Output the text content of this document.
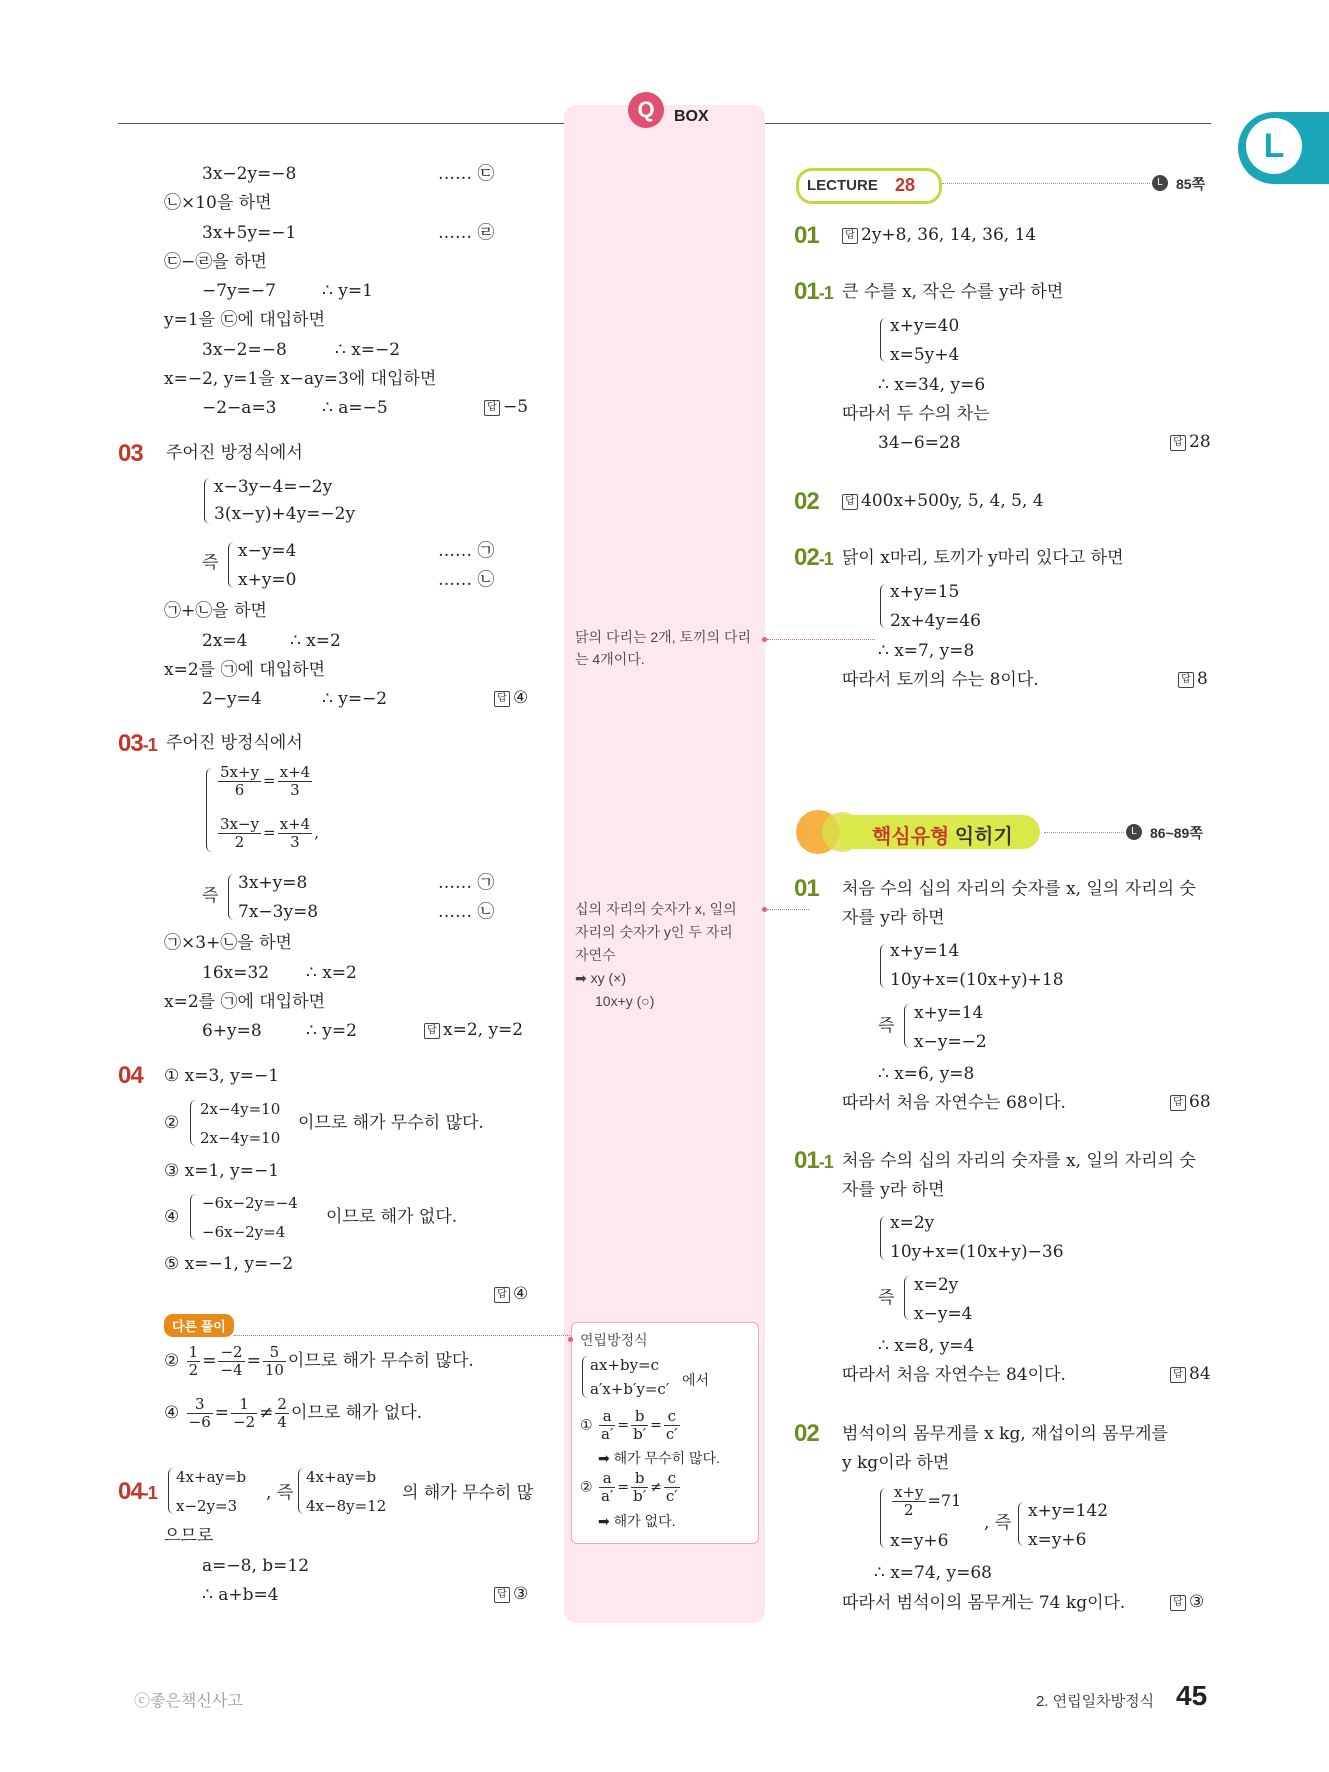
Q	BOX
L
3x−2y=−8	…… ㉢
㉡×10을 하면
3x+5y=−1	…… ㉣
㉢−㉣을 하면
−7y=−7	∴ y=1
y=1을 ㉢에 대입하면
3x−2=−8	∴ x=−2
x=−2, y=1을 x−ay=3에 대입하면
−2−a=3	∴ a=−5	답 −5
03 주어진 방정식에서
x−3y−4=−2y
3(x−y)+4y=−2y
즉
x−y=4	…… ㉠
x+y=0	…… ㉡
㉠+㉡을 하면
2x=4	∴ x=2
x=2를 ㉠에 대입하면
2−y=4	∴ y=−2	답 ④
03-1 주어진 방정식에서
$\frac{5x+y}{6} = \frac{x+4}{3}$
$\frac{3x-y}{2} = \frac{x+4}{3}$ ,
즉
3x+y=8	…… ㉠
7x−3y=8	…… ㉡
㉠×3+㉡을 하면
16x=32 ∴ x=2
x=2를 ㉠에 대입하면
6+y=8	∴ y=2	답 x=2, y=2
04 ① x=3, y=−1
②
2x−4y=10
2x−4y=10
이므로 해가 무수히 많다.
③ x=1, y=−1
④
−6x−2y=−4
−6x−2y=4
이므로 해가 없다.
⑤ x=−1, y=−2
답 ④
다른 풀이
② $\frac{1}{2} = \frac{-2}{-4} = \frac{5}{10}$ 이므로 해가 무수히 많다.
④ $\frac{3}{-6} = \frac{1}{-2} \ne \frac{2}{4}$ 이므로 해가 없다.
04-1
4x+ay=b
x−2y=3
, 즉
4x+ay=b
4x−8y=12
의 해가 무수히 많
으므로
a=−8, b=12
∴ a+b=4	답 ③
닭의 다리는 2개, 토끼의 다리는 4개이다.
십의 자리의 숫자가 x, 일의
자리의 숫자가 y인 두 자리
자연수
➡ xy (×)
10x+y (○)
연립방정식
ax+by=c
a′x+b′y=c′ 에서
① $\frac{a}{a'} = \frac{b}{b'} = \frac{c}{c'}$
➡ 해가 무수히 많다.
② $\frac{a}{a'} = \frac{b}{b'} \ne \frac{c}{c'}$
➡ 해가 없다.
LECTURE 28	L 85쪽
01	답 2y+8, 36, 14, 36, 14
01-1 큰 수를 x, 작은 수를 y라 하면
x+y=40
x=5y+4
∴ x=34, y=6
따라서 두 수의 차는
34−6=28	답 28
02	답 400x+500y, 5, 4, 5, 4
02-1 닭이 x마리, 토끼가 y마리 있다고 하면
x+y=15
2x+4y=46
∴ x=7, y=8
따라서 토끼의 수는 8이다.	답 8
핵심유형 익히기	L 86~89쪽
01 처음 수의 십의 자리의 숫자를 x, 일의 자리의 숫
자를 y라 하면
x+y=14
10y+x=(10x+y)+18
즉
x+y=14
x−y=−2
∴ x=6, y=8
따라서 처음 자연수는 68이다.	답 68
01-1 처음 수의 십의 자리의 숫자를 x, 일의 자리의 숫
자를 y라 하면
x=2y
10y+x=(10x+y)−36
즉
x=2y
x−y=4
∴ x=8, y=4
따라서 처음 자연수는 84이다.	답 84
02 범석이의 몸무게를 x kg, 재섭이의 몸무게를
y kg이라 하면
$\frac{x+y}{2} =71$
x=y+6
, 즉
x+y=142
x=y+6
∴ x=74, y=68
따라서 범석이의 몸무게는 74 kg이다.	답 ③
ⓒ좋은책신사고	2. 연립일차방정식 45
